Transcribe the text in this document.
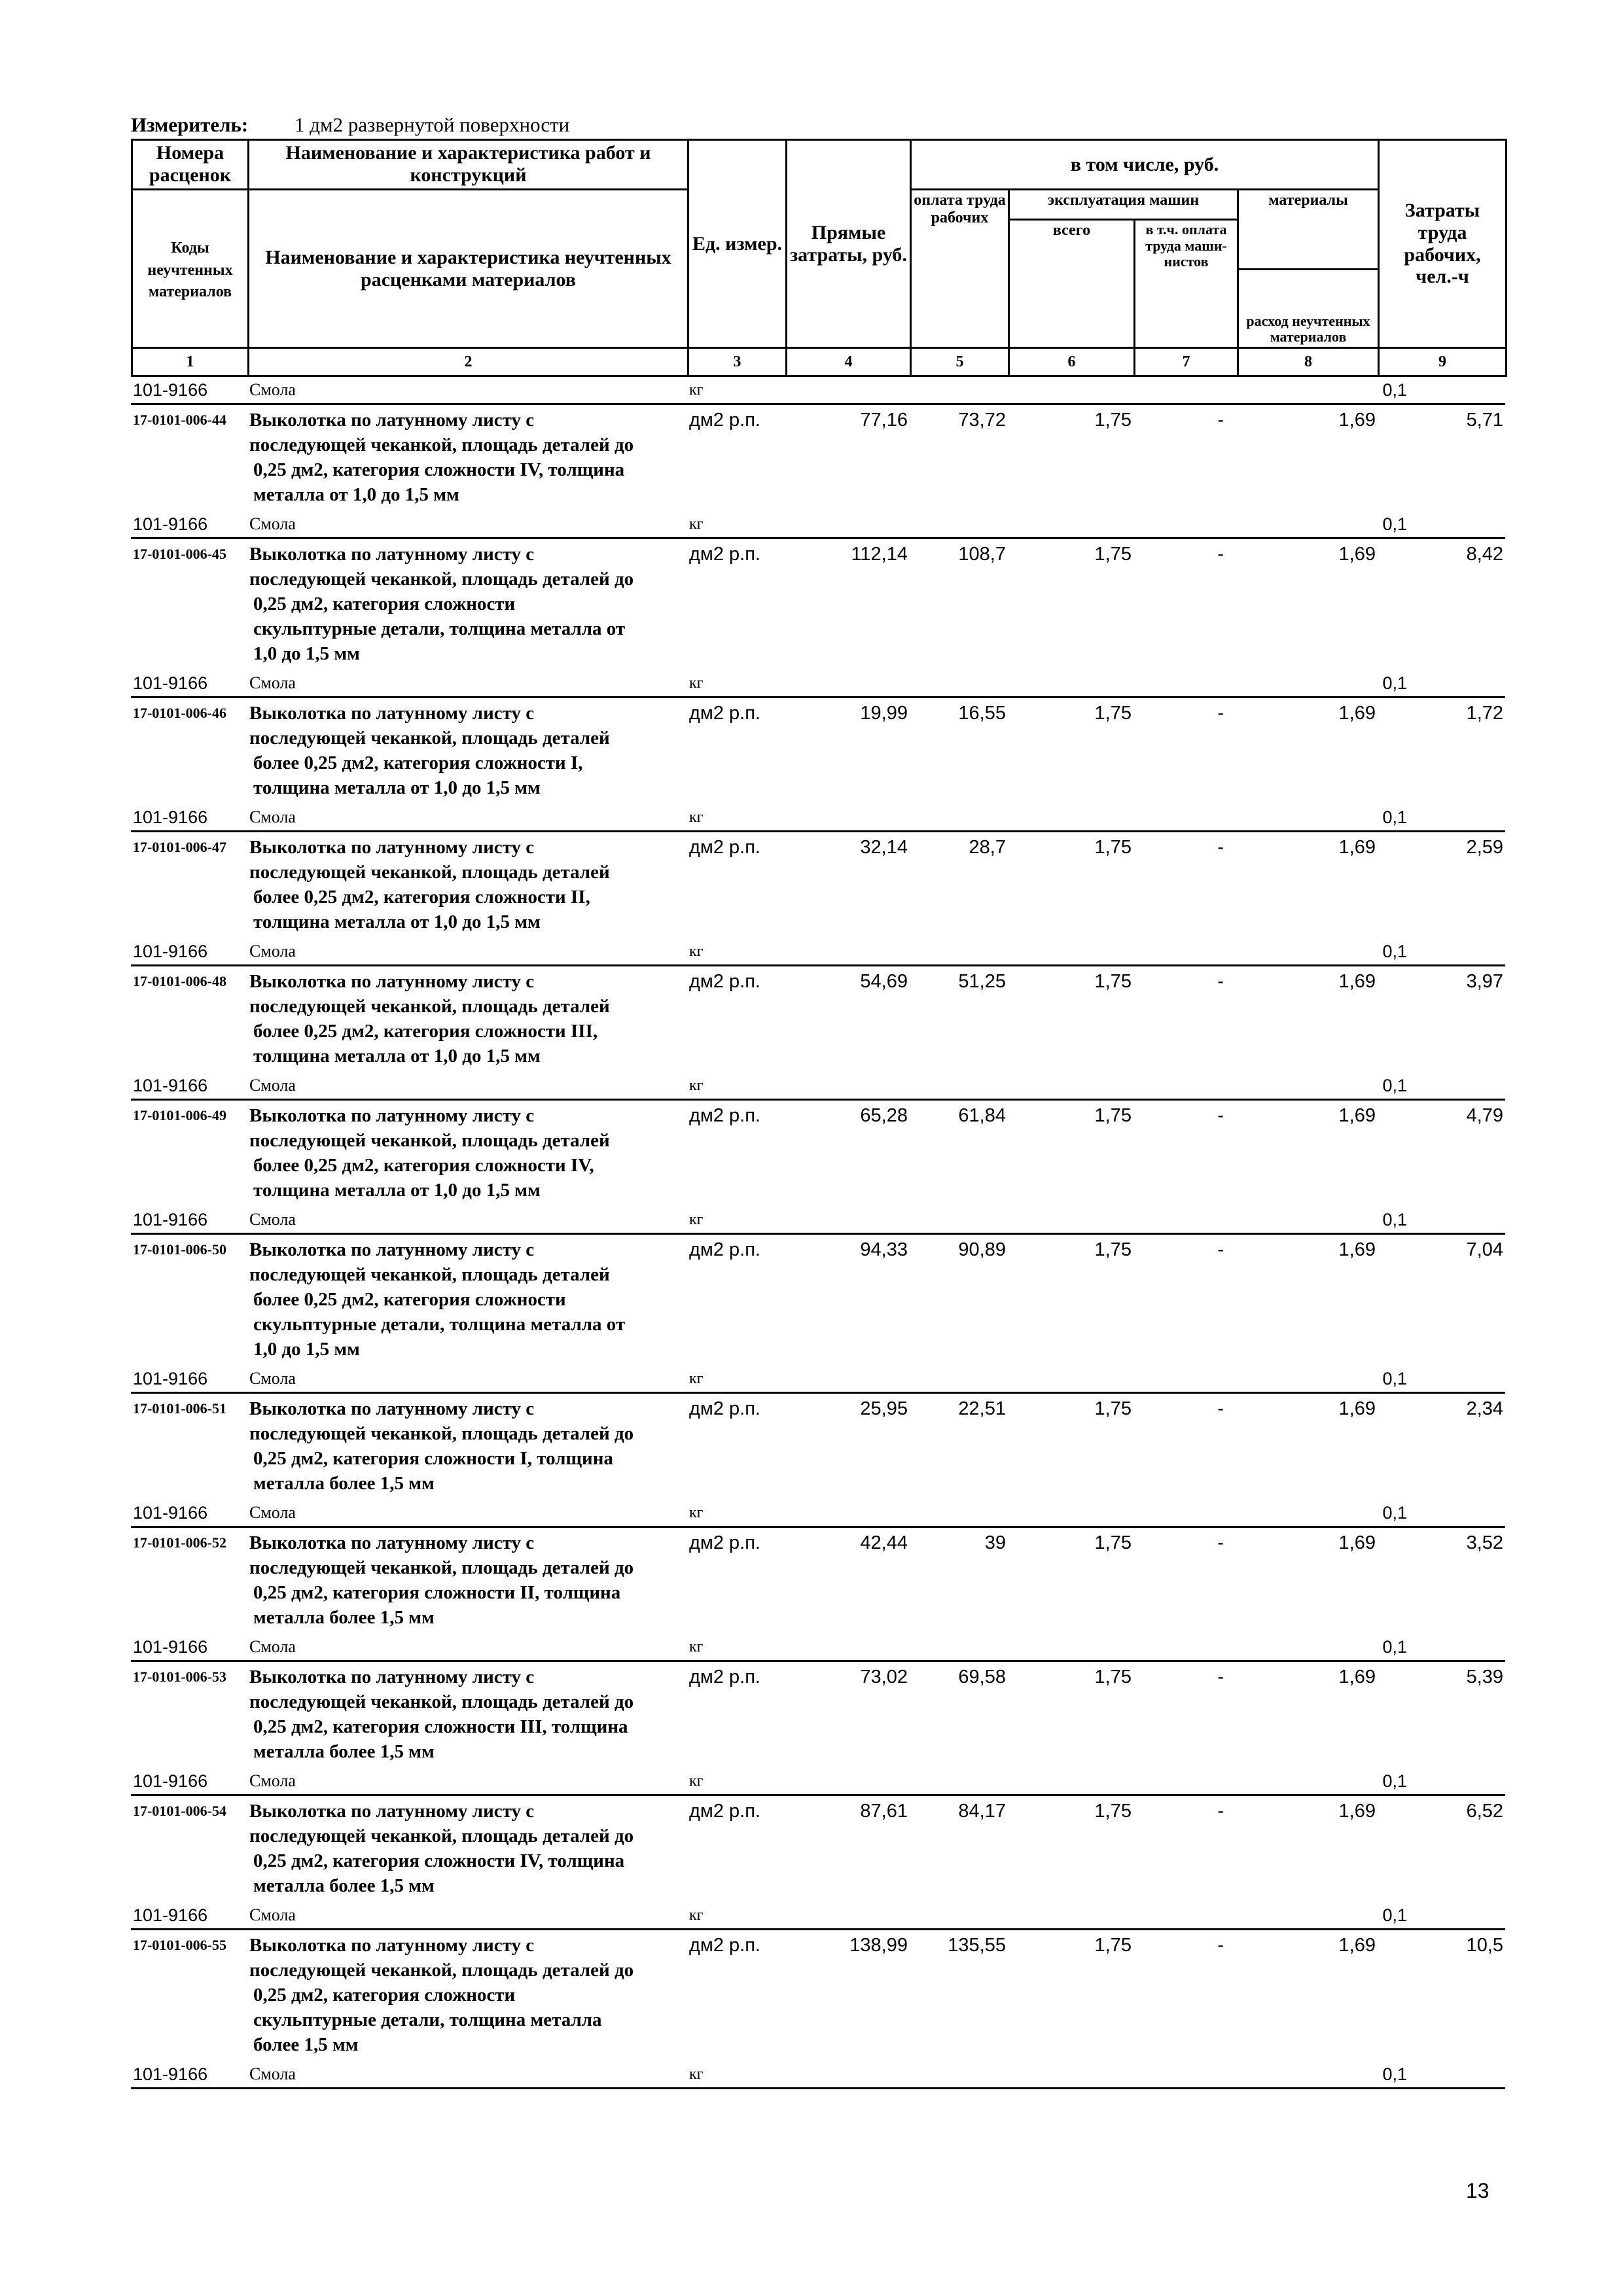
Измеритель: 1 дм2 развернутой поверхности
Номера расценок	Наименование и характеристика работ и конструкций	Ед. измер.	Прямые затраты, руб.	в том числе, руб.				Затраты труда рабочих, чел.-ч
Коды неучтенных материалов	Наименование и характеристика неучтенных расценками материалов			оплата труда рабочих	эксплуатация машин		материалы	
					всего	в т.ч. оплата труда маши-нистов		
							расход неучтенных материалов	
1	2	3	4	5	6	7	8	9
101-9166	Смола	кг					0,1	
17-0101-006-44	Выколотка по латунному листу с
последующей чеканкой, площадь деталей до
0,25 дм2, категория сложности IV, толщина
металла от 1,0 до 1,5 мм	дм2 р.п.	77,16	73,72	1,75	-	1,69	5,71
101-9166	Смола	кг					0,1	
17-0101-006-45	Выколотка по латунному листу с
последующей чеканкой, площадь деталей до
0,25 дм2, категория сложности
скульптурные детали, толщина металла от
1,0 до 1,5 мм	дм2 р.п.	112,14	108,7	1,75	-	1,69	8,42
101-9166	Смола	кг					0,1	
17-0101-006-46	Выколотка по латунному листу с
последующей чеканкой, площадь деталей
более 0,25 дм2, категория сложности I,
толщина металла от 1,0 до 1,5 мм	дм2 р.п.	19,99	16,55	1,75	-	1,69	1,72
101-9166	Смола	кг					0,1	
17-0101-006-47	Выколотка по латунному листу с
последующей чеканкой, площадь деталей
более 0,25 дм2, категория сложности II,
толщина металла от 1,0 до 1,5 мм	дм2 р.п.	32,14	28,7	1,75	-	1,69	2,59
101-9166	Смола	кг					0,1	
17-0101-006-48	Выколотка по латунному листу с
последующей чеканкой, площадь деталей
более 0,25 дм2, категория сложности III,
толщина металла от 1,0 до 1,5 мм	дм2 р.п.	54,69	51,25	1,75	-	1,69	3,97
101-9166	Смола	кг					0,1	
17-0101-006-49	Выколотка по латунному листу с
последующей чеканкой, площадь деталей
более 0,25 дм2, категория сложности IV,
толщина металла от 1,0 до 1,5 мм	дм2 р.п.	65,28	61,84	1,75	-	1,69	4,79
101-9166	Смола	кг					0,1	
17-0101-006-50	Выколотка по латунному листу с
последующей чеканкой, площадь деталей
более 0,25 дм2, категория сложности
скульптурные детали, толщина металла от
1,0 до 1,5 мм	дм2 р.п.	94,33	90,89	1,75	-	1,69	7,04
101-9166	Смола	кг					0,1	
17-0101-006-51	Выколотка по латунному листу с
последующей чеканкой, площадь деталей до
0,25 дм2, категория сложности I, толщина
металла более 1,5 мм	дм2 р.п.	25,95	22,51	1,75	-	1,69	2,34
101-9166	Смола	кг					0,1	
17-0101-006-52	Выколотка по латунному листу с
последующей чеканкой, площадь деталей до
0,25 дм2, категория сложности II, толщина
металла более 1,5 мм	дм2 р.п.	42,44	39	1,75	-	1,69	3,52
101-9166	Смола	кг					0,1	
17-0101-006-53	Выколотка по латунному листу с
последующей чеканкой, площадь деталей до
0,25 дм2, категория сложности III, толщина
металла более 1,5 мм	дм2 р.п.	73,02	69,58	1,75	-	1,69	5,39
101-9166	Смола	кг					0,1	
17-0101-006-54	Выколотка по латунному листу с
последующей чеканкой, площадь деталей до
0,25 дм2, категория сложности IV, толщина
металла более 1,5 мм	дм2 р.п.	87,61	84,17	1,75	-	1,69	6,52
101-9166	Смола	кг					0,1	
17-0101-006-55	Выколотка по латунному листу с
последующей чеканкой, площадь деталей до
0,25 дм2, категория сложности
скульптурные детали, толщина металла
более 1,5 мм	дм2 р.п.	138,99	135,55	1,75	-	1,69	10,5
101-9166	Смола	кг					0,1	
13
